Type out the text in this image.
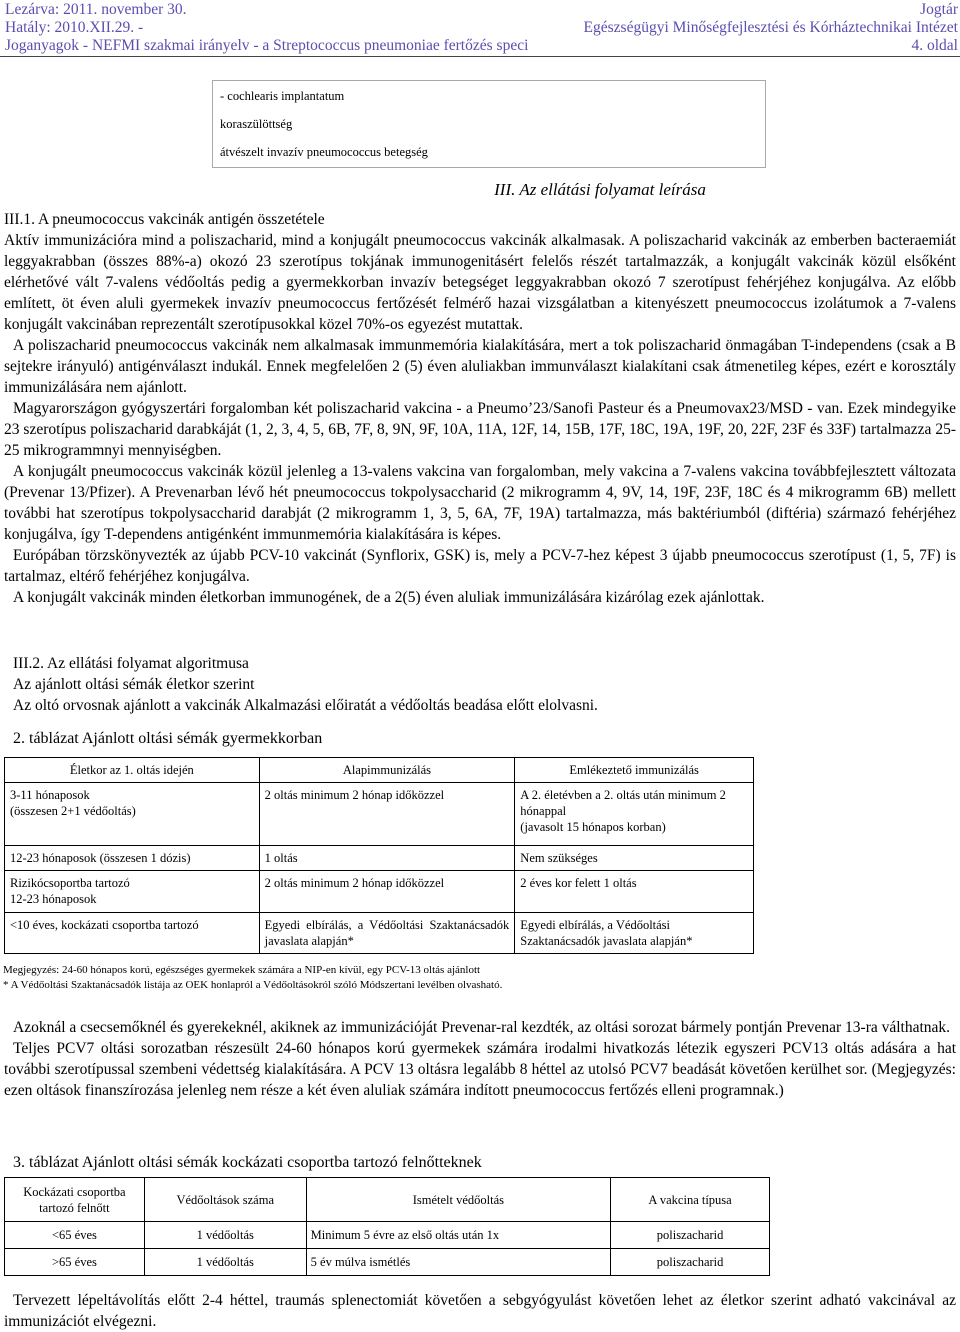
Lezárva: 2011. november 30.	Jogtár
Hatály: 2010.XII.29. -	Egészségügyi Minőségfejlesztési és Kórháztechnikai Intézet
Joganyagok - NEFMI szakmai irányelv - a Streptococcus pneumoniae fertőzés speci	4. oldal
- cochlearis implantatum
koraszülöttség
átvészelt invazív pneumococcus betegség
III. Az ellátási folyamat leírása

III.1. A pneumococcus vakcinák antigén összetétele

Aktív immunizációra mind a poliszacharid, mind a konjugált pneumococcus vakcinák alkalmasak. A poliszacharid vakcinák az emberben bacteraemiát leggyakrabban (összes 88%-a) okozó 23 szerotípus tokjának immunogenitásért felelős részét tartalmazzák, a konjugált vakcinák közül elsőként elérhetővé vált 7-valens védőoltás pedig a gyermekkorban invazív betegséget leggyakrabban okozó 7 szerotípust fehérjéhez konjugálva. Az előbb említett, öt éven aluli gyermekek invazív pneumococcus fertőzését felmérő hazai vizsgálatban a kitenyészett pneumococcus izolátumok a 7-valens konjugált vakcinában reprezentált szerotípusokkal közel 70%-os egyezést mutattak.

A poliszacharid pneumococcus vakcinák nem alkalmasak immunmemória kialakítására, mert a tok poliszacharid önmagában T-independens (csak a B sejtekre irányuló) antigénválaszt indukál. Ennek megfelelően 2 (5) éven aluliakban immunválaszt kialakítani csak átmenetileg képes, ezért e korosztály immunizálására nem ajánlott.

Magyarországon gyógyszertári forgalomban két poliszacharid vakcina - a Pneumo’23/Sanofi Pasteur és a Pneumovax23/MSD - van. Ezek mindegyike 23 szerotípus poliszacharid darabkáját (1, 2, 3, 4, 5, 6B, 7F, 8, 9N, 9F, 10A, 11A, 12F, 14, 15B, 17F, 18C, 19A, 19F, 20, 22F, 23F és 33F) tartalmazza 25-25 mikrogrammnyi mennyiségben.

A konjugált pneumococcus vakcinák közül jelenleg a 13-valens vakcina van forgalomban, mely vakcina a 7-valens vakcina továbbfejlesztett változata (Prevenar 13/Pfizer). A Prevenarban lévő hét pneumococcus tokpolysaccharid (2 mikrogramm 4, 9V, 14, 19F, 23F, 18C és 4 mikrogramm 6B) mellett további hat szerotípus tokpolysaccharid darabját (2 mikrogramm 1, 3, 5, 6A, 7F, 19A) tartalmazza, más baktériumból (diftéria) származó fehérjéhez konjugálva, így T-dependens antigénként immunmemória kialakítására is képes.

Európában törzskönyvezték az újabb PCV-10 vakcinát (Synflorix, GSK) is, mely a PCV-7-hez képest 3 újabb pneumococcus szerotípust (1, 5, 7F) is tartalmaz, eltérő fehérjéhez konjugálva.

A konjugált vakcinák minden életkorban immunogének, de a 2(5) éven aluliak immunizálására kizárólag ezek ajánlottak.

III.2. Az ellátási folyamat algoritmusa

Az ajánlott oltási sémák életkor szerint

Az oltó orvosnak ajánlott a vakcinák Alkalmazási előiratát a védőoltás beadása előtt elolvasni.

2. táblázat Ajánlott oltási sémák gyermekkorban
Életkor az 1. oltás idején	Alapimmunizálás	Emlékeztető immunizálás
3-11 hónaposok
(összesen 2+1 védőoltás)	2 oltás minimum 2 hónap időközzel	A 2. életévben a 2. oltás után minimum 2 hónappal
(javasolt 15 hónapos korban)
12-23 hónaposok (összesen 1 dózis)	1 oltás	Nem szükséges
Rizikócsoportba tartozó
12-23 hónaposok	2 oltás minimum 2 hónap időközzel	2 éves kor felett 1 oltás
<10 éves, kockázati csoportba tartozó	Egyedi elbírálás, a Védőoltási Szaktanácsadók javaslata alapján*	Egyedi elbírálás, a Védőoltási Szaktanácsadók javaslata alapján*
Megjegyzés: 24-60 hónapos korú, egészséges gyermekek számára a NIP-en kívül, egy PCV-13 oltás ajánlott
* A Védőoltási Szaktanácsadók listája az OEK honlapról a Védőoltásokról szóló Módszertani levélben olvasható.

Azoknál a csecsemőknél és gyerekeknél, akiknek az immunizációját Prevenar-ral kezdték, az oltási sorozat bármely pontján Prevenar 13-ra válthatnak.

Teljes PCV7 oltási sorozatban részesült 24-60 hónapos korú gyermekek számára irodalmi hivatkozás létezik egyszeri PCV13 oltás adására a hat további szerotípussal szembeni védettség kialakítására. A PCV 13 oltásra legalább 8 héttel az utolsó PCV7 beadását követően kerülhet sor. (Megjegyzés: ezen oltások finanszírozása jelenleg nem része a két éven aluliak számára indított pneumococcus fertőzés elleni programnak.)

3. táblázat Ajánlott oltási sémák kockázati csoportba tartozó felnőtteknek
Kockázati csoportba tartozó felnőtt	Védőoltások száma	Ismételt védőoltás	A vakcina típusa
<65 éves	1 védőoltás	Minimum 5 évre az első oltás után 1x	poliszacharid
>65 éves	1 védőoltás	5 év múlva ismétlés	poliszacharid

Tervezett lépeltávolítás előtt 2-4 héttel, traumás splenectomiát követően a sebgyógyulást követően lehet az életkor szerint adható vakcinával az immunizációt elvégezni.
